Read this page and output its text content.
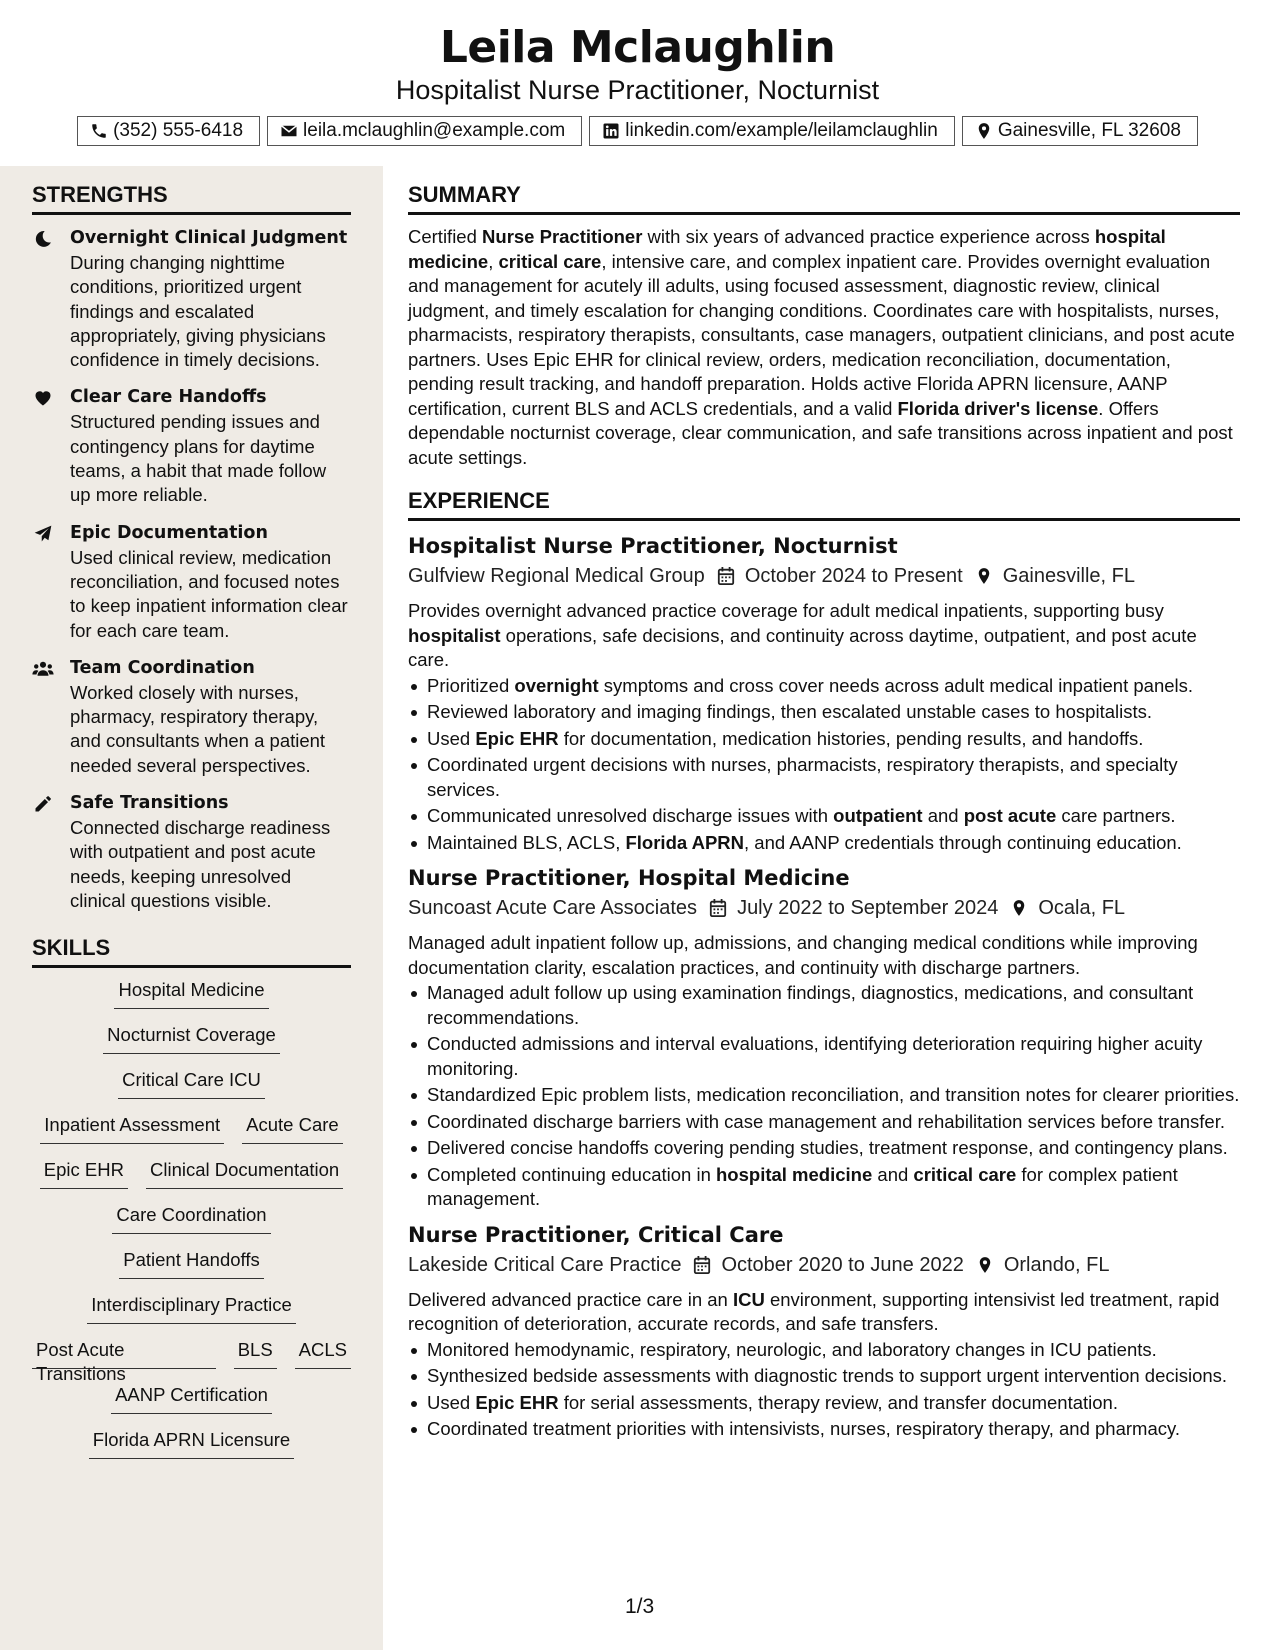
Leila Mclaughlin
Hospitalist Nurse Practitioner, Nocturnist
(352) 555-6418	leila.mclaughlin@example.com	linkedin.com/example/leilamclaughlin	Gainesville, FL 32608
STRENGTHS
Overnight Clinical Judgment

During changing nighttime conditions, prioritized urgent findings and escalated appropriately, giving physicians confidence in timely decisions.

Clear Care Handoffs

Structured pending issues and contingency plans for daytime teams, a habit that made follow up more reliable.

Epic Documentation

Used clinical review, medication reconciliation, and focused notes to keep inpatient information clear for each care team.

Team Coordination

Worked closely with nurses, pharmacy, respiratory therapy, and consultants when a patient needed several perspectives.

Safe Transitions

Connected discharge readiness with outpatient and post acute needs, keeping unresolved clinical questions visible.

SKILLS
Hospital Medicine
Nocturnist Coverage
Critical Care ICU
Inpatient Assessment Acute Care
Epic EHR Clinical Documentation
Care Coordination
Patient Handoffs
Interdisciplinary Practice
Post Acute Transitions
BLS ACLS
AANP Certification
Florida APRN Licensure
SUMMARY

Certified Nurse Practitioner with six years of advanced practice experience across hospital medicine, critical care, intensive care, and complex inpatient care. Provides overnight evaluation and management for acutely ill adults, using focused assessment, diagnostic review, clinical judgment, and timely escalation for changing conditions. Coordinates care with hospitalists, nurses, pharmacists, respiratory therapists, consultants, case managers, outpatient clinicians, and post acute partners. Uses Epic EHR for clinical review, orders, medication reconciliation, documentation, pending result tracking, and handoff preparation. Holds active Florida APRN licensure, AANP certification, current BLS and ACLS credentials, and a valid Florida driver's license. Offers dependable nocturnist coverage, clear communication, and safe transitions across inpatient and post acute settings.

EXPERIENCE
Hospitalist Nurse Practitioner, Nocturnist
Gulfview Regional Medical Group October 2024 to Present Gainesville, FL

Provides overnight advanced practice coverage for adult medical inpatients, supporting busy hospitalist operations, safe decisions, and continuity across daytime, outpatient, and post acute care.

Prioritized overnight symptoms and cross cover needs across adult medical inpatient panels.
Reviewed laboratory and imaging findings, then escalated unstable cases to hospitalists.
Used Epic EHR for documentation, medication histories, pending results, and handoffs.
Coordinated urgent decisions with nurses, pharmacists, respiratory therapists, and specialty services.
Communicated unresolved discharge issues with outpatient and post acute care partners.
Maintained BLS, ACLS, Florida APRN, and AANP credentials through continuing education.
Nurse Practitioner, Hospital Medicine
Suncoast Acute Care Associates July 2022 to September 2024 Ocala, FL

Managed adult inpatient follow up, admissions, and changing medical conditions while improving documentation clarity, escalation practices, and continuity with discharge partners.

Managed adult follow up using examination findings, diagnostics, medications, and consultant recommendations.
Conducted admissions and interval evaluations, identifying deterioration requiring higher acuity monitoring.
Standardized Epic problem lists, medication reconciliation, and transition notes for clearer priorities.
Coordinated discharge barriers with case management and rehabilitation services before transfer.
Delivered concise handoffs covering pending studies, treatment response, and contingency plans.
Completed continuing education in hospital medicine and critical care for complex patient management.
Nurse Practitioner, Critical Care
Lakeside Critical Care Practice October 2020 to June 2022 Orlando, FL

Delivered advanced practice care in an ICU environment, supporting intensivist led treatment, rapid recognition of deterioration, accurate records, and safe transfers.

Monitored hemodynamic, respiratory, neurologic, and laboratory changes in ICU patients.
Synthesized bedside assessments with diagnostic trends to support urgent intervention decisions.
Used Epic EHR for serial assessments, therapy review, and transfer documentation.
Coordinated treatment priorities with intensivists, nurses, respiratory therapy, and pharmacy.
1/3
